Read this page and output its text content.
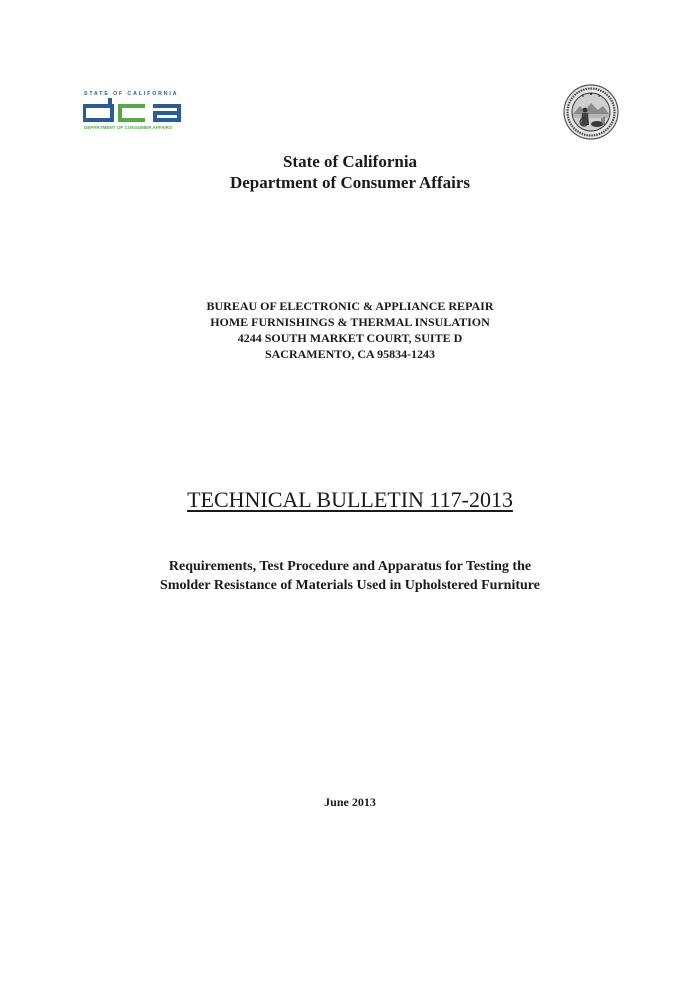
STATE OF CALIFORNIA
DEPARTMENT OF CONSUMER AFFAIRS
State of California
Department of Consumer Affairs
BUREAU OF ELECTRONIC & APPLIANCE REPAIR
HOME FURNISHINGS & THERMAL INSULATION
4244 SOUTH MARKET COURT, SUITE D
SACRAMENTO, CA 95834-1243
TECHNICAL BULLETIN 117-2013
Requirements, Test Procedure and Apparatus for Testing the
Smolder Resistance of Materials Used in Upholstered Furniture
June 2013
